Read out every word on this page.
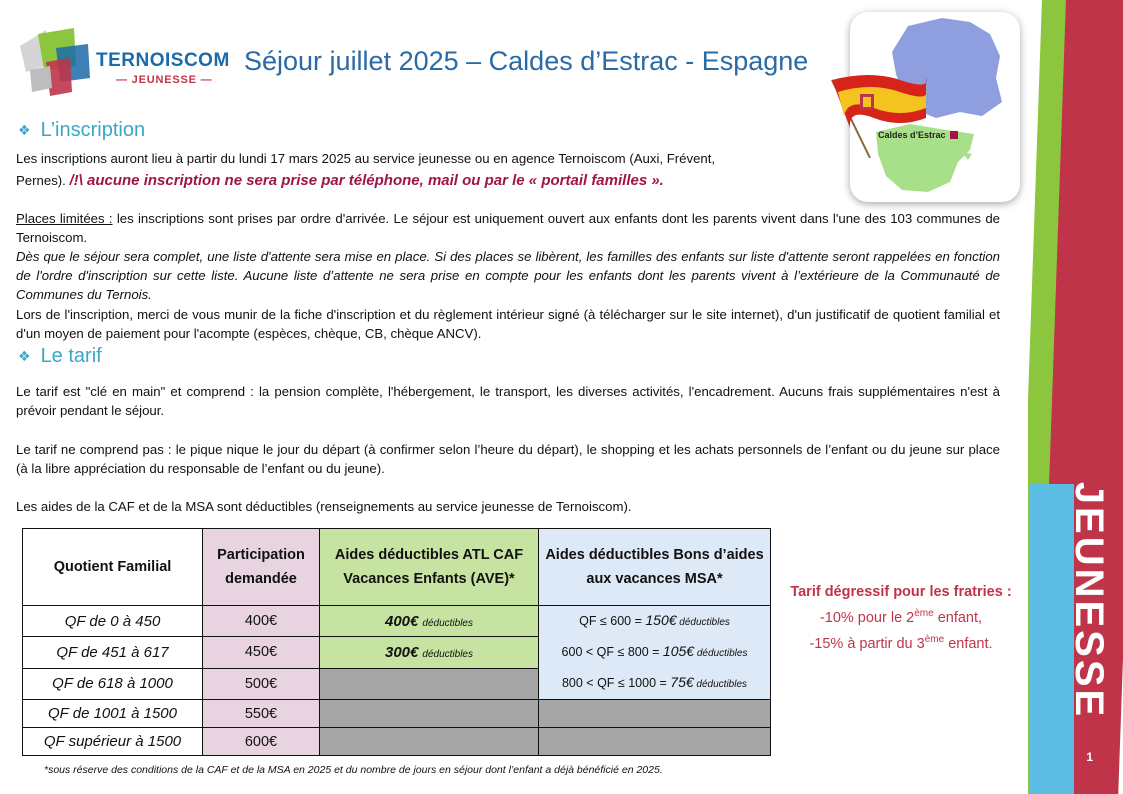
JEUNESSE
1
TERNOISCOM
— JEUNESSE —
Séjour juillet 2025 – Caldes d’Estrac - Espagne
Caldes d’Estrac
❖ L’inscription
Les inscriptions auront lieu à partir du lundi 17 mars 2025 au service jeunesse ou en agence Ternoiscom (Auxi, Frévent,
Pernes). /!\ aucune inscription ne sera prise par téléphone, mail ou par le « portail familles ».
Places limitées : les inscriptions sont prises par ordre d'arrivée. Le séjour est uniquement ouvert aux enfants dont les parents vivent dans l'une des 103 communes de Ternoiscom.
Dès que le séjour sera complet, une liste d'attente sera mise en place. Si des places se libèrent, les familles des enfants sur liste d'attente seront rappelées en fonction de l'ordre d'inscription sur cette liste. Aucune liste d’attente ne sera prise en compte pour les enfants dont les parents vivent à l’extérieure de la Communauté de Communes du Ternois.
Lors de l'inscription, merci de vous munir de la fiche d'inscription et du règlement intérieur signé (à télécharger sur le site internet), d'un justificatif de quotient familial et d'un moyen de paiement pour l'acompte (espèces, chèque, CB, chèque ANCV).
❖ Le tarif
Le tarif est "clé en main" et comprend : la pension complète, l'hébergement, le transport, les diverses activités, l'encadrement. Aucuns frais supplémentaires n'est à prévoir pendant le séjour.
Le tarif ne comprend pas : le pique nique le jour du départ (à confirmer selon l’heure du départ), le shopping et les achats personnels de l’enfant ou du jeune sur place (à la libre appréciation du responsable de l’enfant ou du jeune).
Les aides de la CAF et de la MSA sont déductibles (renseignements au service jeunesse de Ternoiscom).
Quotient Familial	Participation demandée	Aides déductibles ATL CAF Vacances Enfants (AVE)*	Aides déductibles Bons d’aides aux vacances MSA*
QF de 0 à 450	400€	400€ déductibles	QF ≤ 600 = 150€ déductibles
600 < QF ≤ 800 = 105€ déductibles
800 < QF ≤ 1000 = 75€ déductibles

QF de 451 à 617	450€	300€ déductibles	
QF de 618 à 1000	500€		
QF de 1001 à 1500	550€		
QF supérieur à 1500	600€		
Tarif dégressif pour les fratries :
-10% pour le 2ème enfant,
-15% à partir du 3ème enfant.
*sous réserve des conditions de la CAF et de la MSA en 2025 et du nombre de jours en séjour dont l’enfant a déjà bénéficié en 2025.
